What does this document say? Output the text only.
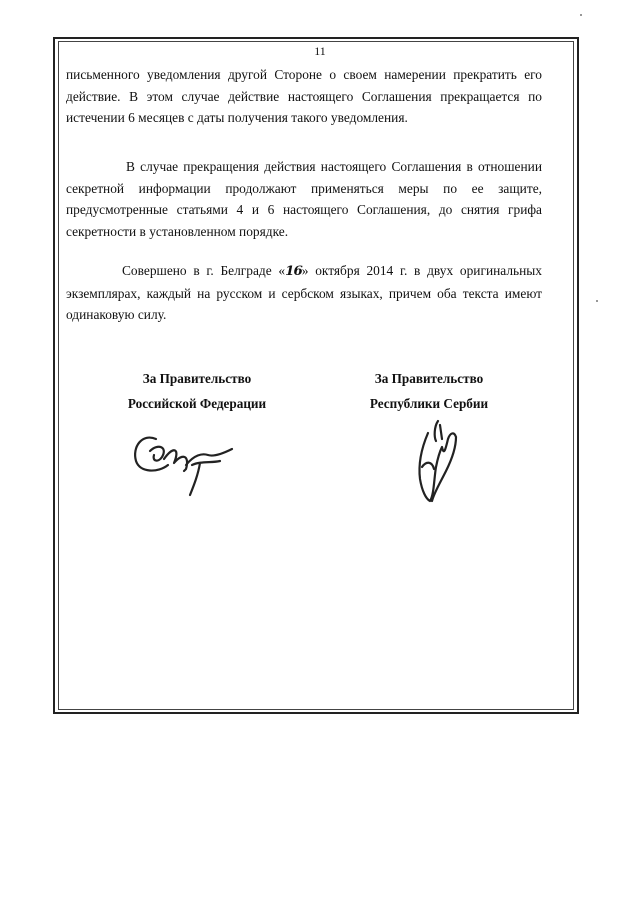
11
письменного уведомления другой Стороне о своем намерении прекратить его действие. В этом случае действие настоящего Соглашения прекращается по истечении 6 месяцев с даты получения такого уведомления.
В случае прекращения действия настоящего Соглашения в отношении секретной информации продолжают применяться меры по ее защите, предусмотренные статьями 4 и 6 настоящего Соглашения, до снятия грифа секретности в установленном порядке.
Совершено в г. Белграде «16» октября 2014 г. в двух оригинальных экземплярах, каждый на русском и сербском языках, причем оба текста имеют одинаковую силу.
За Правительство
Российской Федерации
За Правительство
Республики Сербии
